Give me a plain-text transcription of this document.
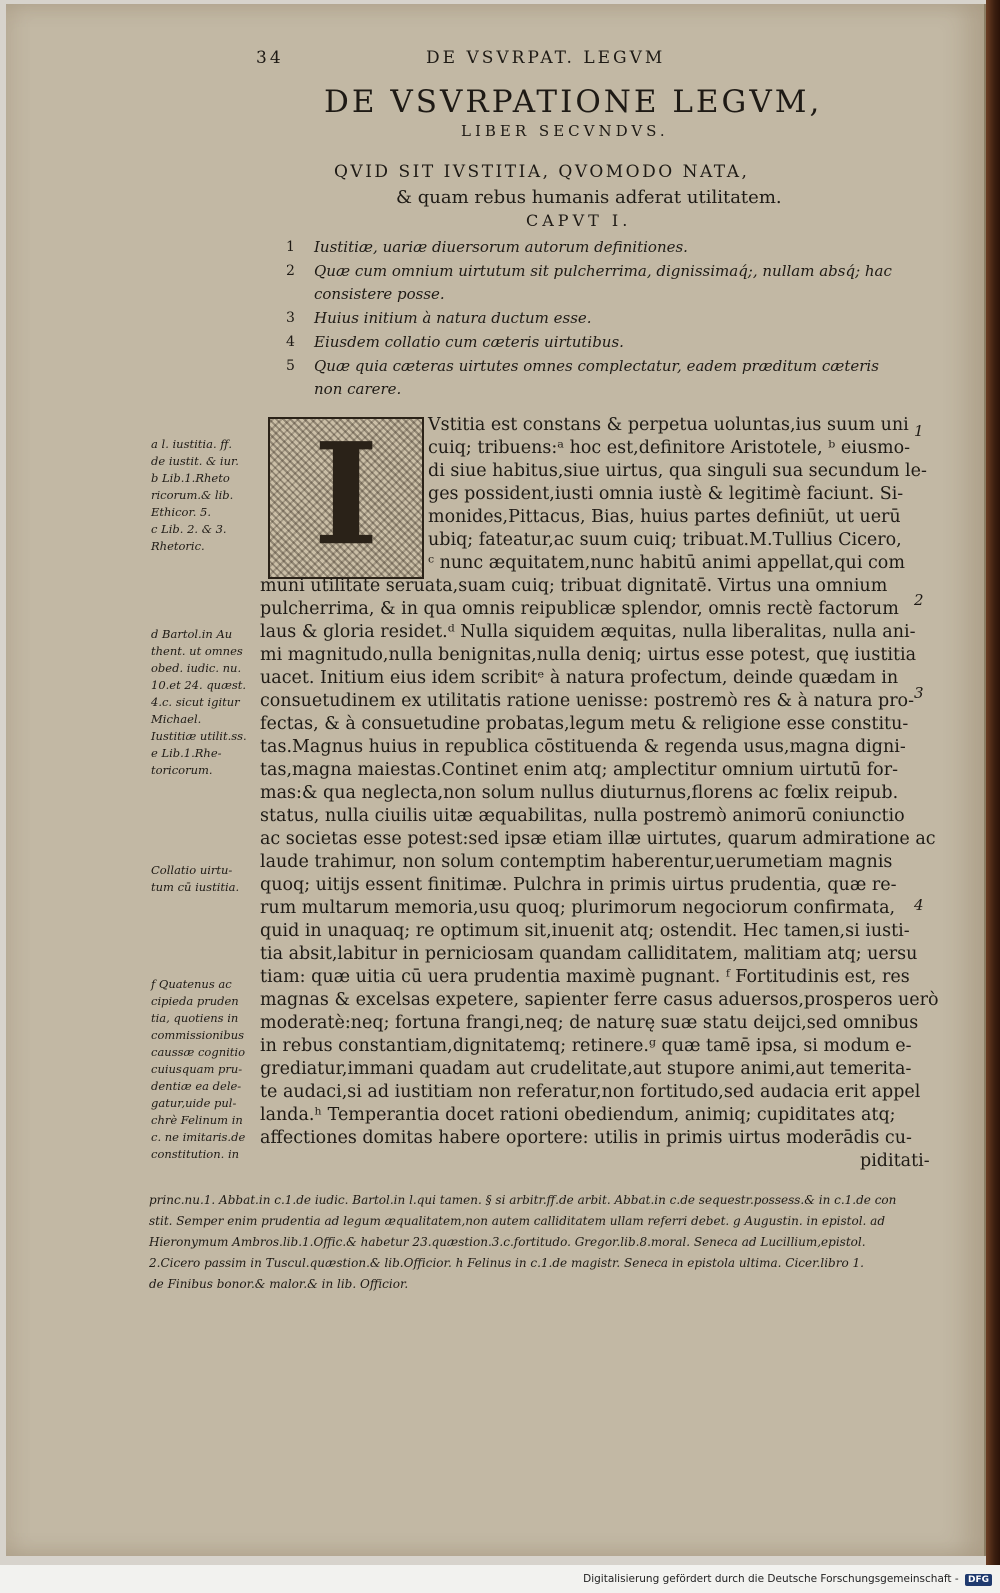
34	DE VSVRPAT. LEGVM
DE VSVRPATIONE LEGVM,
LIBER SECVNDVS.
QVID SIT IVSTITIA, QVOMODO NATA,
& quam rebus humanis adferat utilitatem.
CAPVT I.
1	Iustitiæ, uariæ diuersorum autorum definitiones.
2	Quæ cum omnium uirtutum sit pulcherrima, dignissimaq́;, nullam absq́; hac consistere posse.
3	Huius initium à natura ductum esse.
4	Eiusdem collatio cum cæteris uirtutibus.
5	Quæ quia cæteras uirtutes omnes complectatur, eadem præditum cæteris non carere.
I	Vstitia est constans & perpetua uoluntas,ius suum uni
cuiq; tribuens:ᵃ hoc est,definitore Aristotele, ᵇ eiusmo-
di siue habitus,siue uirtus, qua singuli sua secundum le-
ges possident,iusti omnia iustè & legitimè faciunt. Si-
monides,Pittacus, Bias, huius partes definiūt, ut uerū
ubiq; fateatur,ac suum cuiq; tribuat.M.Tullius Cicero,
ᶜ nunc æquitatem,nunc habitū animi appellat,qui com
muni utilitate seruata,suam cuiq; tribuat dignitatē. Virtus una omnium
pulcherrima, & in qua omnis reipublicæ splendor, omnis rectè factorum
laus & gloria residet.ᵈ Nulla siquidem æquitas, nulla liberalitas, nulla ani-
mi magnitudo,nulla benignitas,nulla deniq; uirtus esse potest, quę iustitia
uacet. Initium eius idem scribitᵉ à natura profectum, deinde quædam in
consuetudinem ex utilitatis ratione uenisse: postremò res & à natura pro-
fectas, & à consuetudine probatas,legum metu & religione esse constitu-
tas.Magnus huius in republica cōstituenda & regenda usus,magna digni-
tas,magna maiestas.Continet enim atq; amplectitur omnium uirtutū for-
mas:& qua neglecta,non solum nullus diuturnus,florens ac fœlix reipub.
status, nulla ciuilis uitæ æquabilitas, nulla postremò animorū coniunctio
ac societas esse potest:sed ipsæ etiam illæ uirtutes, quarum admiratione ac
laude trahimur, non solum contemptim haberentur,uerumetiam magnis
quoq; uitijs essent finitimæ. Pulchra in primis uirtus prudentia, quæ re-
rum multarum memoria,usu quoq; plurimorum negociorum confirmata,
quid in unaquaq; re optimum sit,inuenit atq; ostendit. Hec tamen,si iusti-
tia absit,labitur in perniciosam quandam calliditatem, malitiam atq; uersu
tiam: quæ uitia cū uera prudentia maximè pugnant. ᶠ Fortitudinis est, res
magnas & excelsas expetere, sapienter ferre casus aduersos,prosperos uerò
moderatè:neq; fortuna frangi,neq; de naturę suæ statu deijci,sed omnibus
in rebus constantiam,dignitatemq; retinere.ᵍ quæ tamē ipsa, si modum e-
grediatur,immani quadam aut crudelitate,aut stupore animi,aut temerita-
te audaci,si ad iustitiam non referatur,non fortitudo,sed audacia erit appel
landa.ʰ Temperantia docet rationi obediendum, animiq; cupiditates atq;
affectiones domitas habere oportere: utilis in primis uirtus moderādis cu-
piditati-
1
2
3
4
a l. iustitia. ff.
de iustit. & iur.
b Lib.1.Rheto
ricorum.& lib.
Ethicor. 5.
c Lib. 2. & 3.
Rhetoric.
d Bartol.in Au
thent. ut omnes
obed. iudic. nu.
10.et 24. quæst.
4.c. sicut igitur
Michael.
Iustitiæ utilit.ss.
e Lib.1.Rhe-
toricorum.
Collatio uirtu-
tum cū iustitia.
f Quatenus ac
cipieda pruden
tia, quotiens in
commissionibus
caussæ cognitio
cuiusquam pru-
dentiæ ea dele-
gatur,uide pul-
chrè Felinum in
c. ne imitaris.de
constitution. in
princ.nu.1. Abbat.in c.1.de iudic. Bartol.in l.qui tamen. § si arbitr.ff.de arbit. Abbat.in c.de sequestr.possess.& in c.1.de con
stit. Semper enim prudentia ad legum æqualitatem,non autem calliditatem ullam referri debet. g Augustin. in epistol. ad
Hieronymum Ambros.lib.1.Offic.& habetur 23.quæstion.3.c.fortitudo. Gregor.lib.8.moral. Seneca ad Lucillium,epistol.
2.Cicero passim in Tuscul.quæstion.& lib.Officior. h Felinus in c.1.de magistr. Seneca in epistola ultima. Cicer.libro 1.
de Finibus bonor.& malor.& in lib. Officior.
Digitalisierung gefördert durch die Deutsche Forschungsgemeinschaft - DFG
